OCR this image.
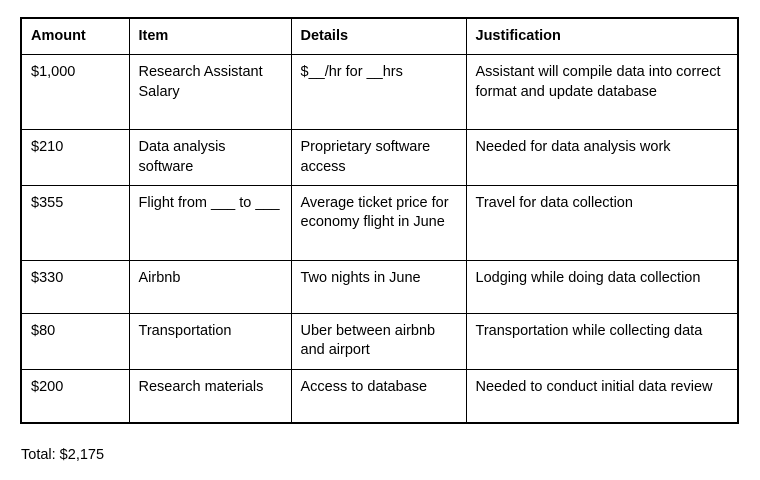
Amount	Item	Details	Justification
$1,000	Research Assistant Salary	$__/hr for __hrs	Assistant will compile data into correct format and update database
$210	Data analysis software	Proprietary software access	Needed for data analysis work
$355	Flight from ___ to ___	Average ticket price for economy flight in June	Travel for data collection
$330	Airbnb	Two nights in June	Lodging while doing data collection
$80	Transportation	Uber between airbnb and airport	Transportation while collecting data
$200	Research materials	Access to database	Needed to conduct initial data review
Total: $2,175
